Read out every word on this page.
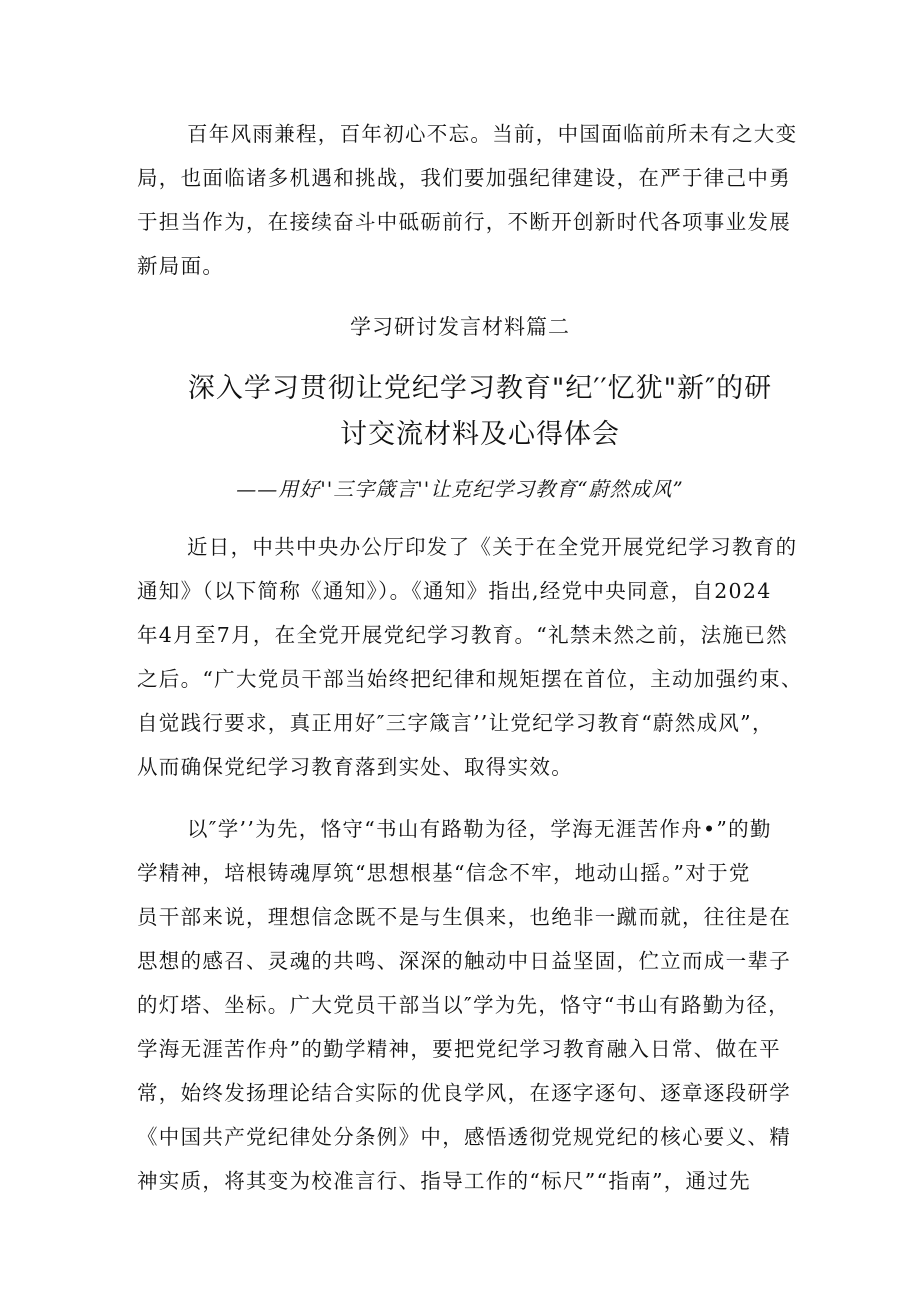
百年风雨兼程，百年初心不忘。当前，中国面临前所未有之大变
局，也面临诸多机遇和挑战，我们要加强纪律建设，在严于律己中勇
于担当作为，在接续奋斗中砥砺前行，不断开创新时代各项事业发展
新局面。
学习研讨发言材料篇二
深入学习贯彻让党纪学习教育"纪′′忆犹"新″的研
讨交流材料及心得体会
——用好''三字箴言''让克纪学习教育“蔚然成风”
近日，中共中央办公厅印发了《关于在全党开展党纪学习教育的
通知》（以下简称《通知》）。《通知》指出,经党中央同意，自2024
年4月至7月，在全党开展党纪学习教育。“礼禁未然之前，法施已然
之后。“广大党员干部当始终把纪律和规矩摆在首位，主动加强约束、
自觉践行要求，真正用好″三字箴言’’让党纪学习教育“蔚然成风”，
从而确保党纪学习教育落到实处、取得实效。
以″学’’为先，恪守“书山有路勒为径，学海无涯苦作舟•”的勤
学精神，培根铸魂厚筑“思想根基“信念不牢，地动山摇。”对于党
员干部来说，理想信念既不是与生俱来，也绝非一蹴而就，往往是在
思想的感召、灵魂的共鸣、深深的触动中日益坚固，伫立而成一辈子
的灯塔、坐标。广大党员干部当以″学为先，恪守“书山有路勤为径，
学海无涯苦作舟”的勤学精神，要把党纪学习教育融入日常、做在平
常，始终发扬理论结合实际的优良学风，在逐字逐句、逐章逐段研学
《中国共产党纪律处分条例》中，感悟透彻党规党纪的核心要义、精
神实质，将其变为校准言行、指导工作的“标尺”“指南”，通过先
